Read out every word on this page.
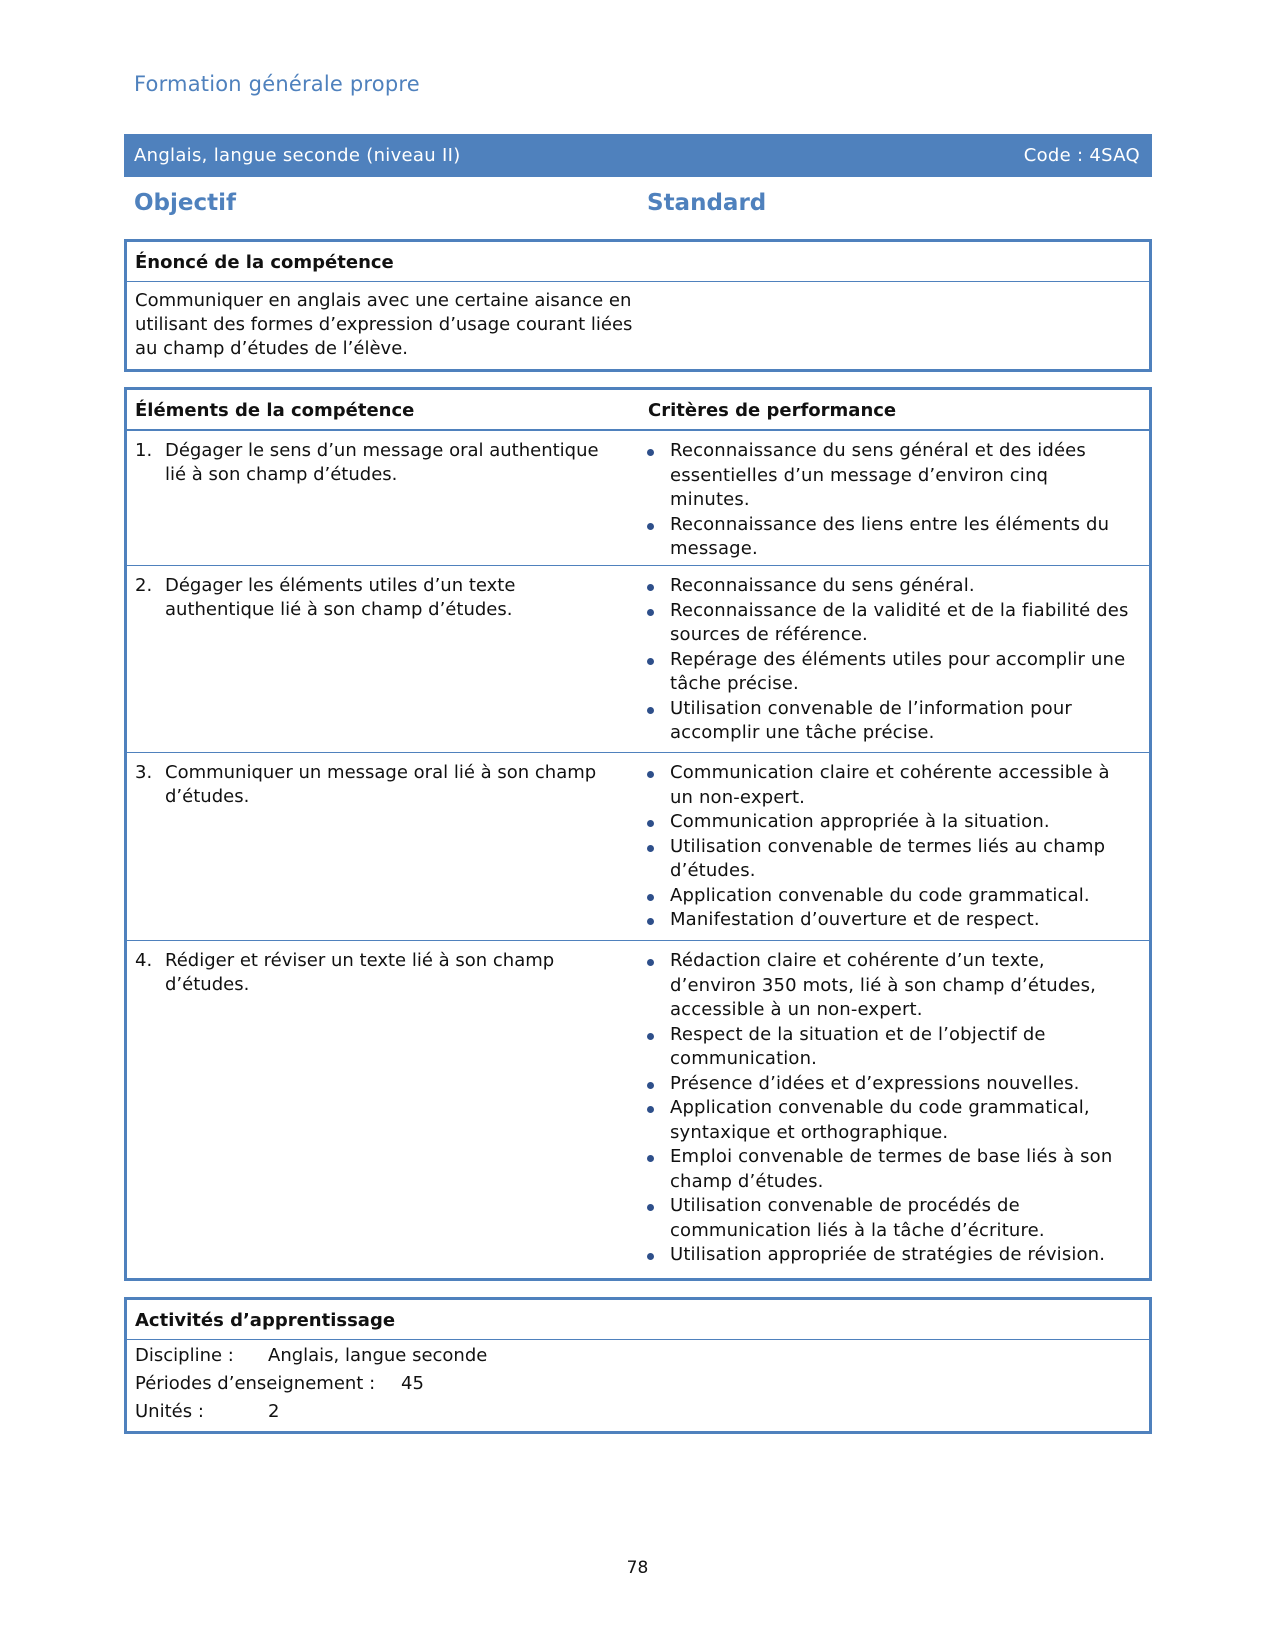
Formation générale propre
Anglais, langue seconde (niveau II)	Code : 4SAQ
Objectif	Standard
Énoncé de la compétence
Communiquer en anglais avec une certaine aisance en utilisant des formes d’expression d’usage courant liées au champ d’études de l’élève.
Éléments de la compétence	Critères de performance
1. Dégager le sens d’un message oral authentique lié à son champ d’études.
Reconnaissance du sens général et des idées essentielles d’un message d’environ cinq minutes.
Reconnaissance des liens entre les éléments du message.
2. Dégager les éléments utiles d’un texte authentique lié à son champ d’études.
Reconnaissance du sens général.
Reconnaissance de la validité et de la fiabilité des sources de référence.
Repérage des éléments utiles pour accomplir une tâche précise.
Utilisation convenable de l’information pour accomplir une tâche précise.
3. Communiquer un message oral lié à son champ d’études.
Communication claire et cohérente accessible à un non-expert.
Communication appropriée à la situation.
Utilisation convenable de termes liés au champ d’études.
Application convenable du code grammatical.
Manifestation d’ouverture et de respect.
4. Rédiger et réviser un texte lié à son champ d’études.
Rédaction claire et cohérente d’un texte, d’environ 350 mots, lié à son champ d’études, accessible à un non-expert.
Respect de la situation et de l’objectif de communication.
Présence d’idées et d’expressions nouvelles.
Application convenable du code grammatical, syntaxique et orthographique.
Emploi convenable de termes de base liés à son champ d’études.
Utilisation convenable de procédés de communication liés à la tâche d’écriture.
Utilisation appropriée de stratégies de révision.
Activités d’apprentissage
Discipline :	Anglais, langue seconde
Périodes d’enseignement :	45
Unités :	2
78
